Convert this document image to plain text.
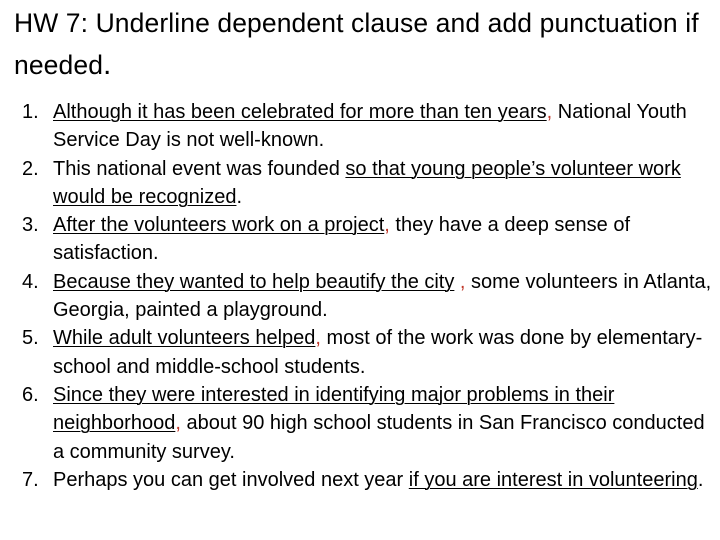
HW 7: Underline dependent clause and add punctuation if needed.
1. Although it has been celebrated for more than ten years, National Youth Service Day is not well-known.
2. This national event was founded so that young people’s volunteer work would be recognized.
3. After the volunteers work on a project, they have a deep sense of satisfaction.
4. Because they wanted to help beautify the city , some volunteers in Atlanta, Georgia, painted a playground.
5. While adult volunteers helped, most of the work was done by elementary-school and middle-school students.
6. Since they were interested in identifying major problems in their neighborhood, about 90 high school students in San Francisco conducted a community survey.
7. Perhaps you can get involved next year if you are interest in volunteering.
